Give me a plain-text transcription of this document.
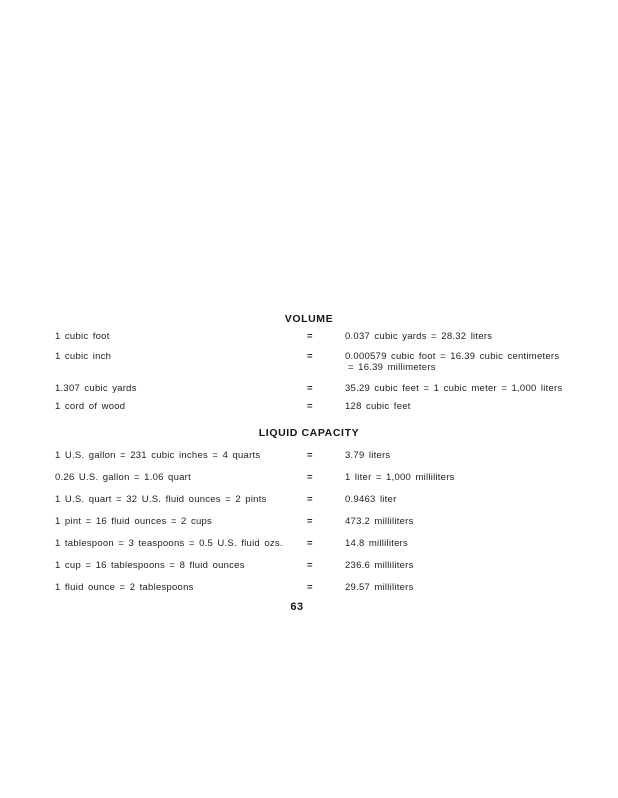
VOLUME
1 cubic foot	=	0.037 cubic yards = 28.32 liters
1 cubic inch	=	0.000579 cubic foot = 16.39 cubic centimeters
= 16.39 millimeters
1.307 cubic yards	=	35.29 cubic feet = 1 cubic meter = 1,000 liters
1 cord of wood	=	128 cubic feet
LIQUID CAPACITY
1 U.S. gallon = 231 cubic inches = 4 quarts	=	3.79 liters
0.26 U.S. gallon = 1.06 quart	=	1 liter = 1,000 milliliters
1 U.S. quart = 32 U.S. fluid ounces = 2 pints	=	0.9463 liter
1 pint = 16 fluid ounces = 2 cups	=	473.2 milliliters
1 tablespoon = 3 teaspoons = 0.5 U.S. fluid ozs.	=	14.8 milliliters
1 cup = 16 tablespoons = 8 fluid ounces	=	236.6 milliliters
1 fluid ounce = 2 tablespoons	=	29.57 milliliters
63
